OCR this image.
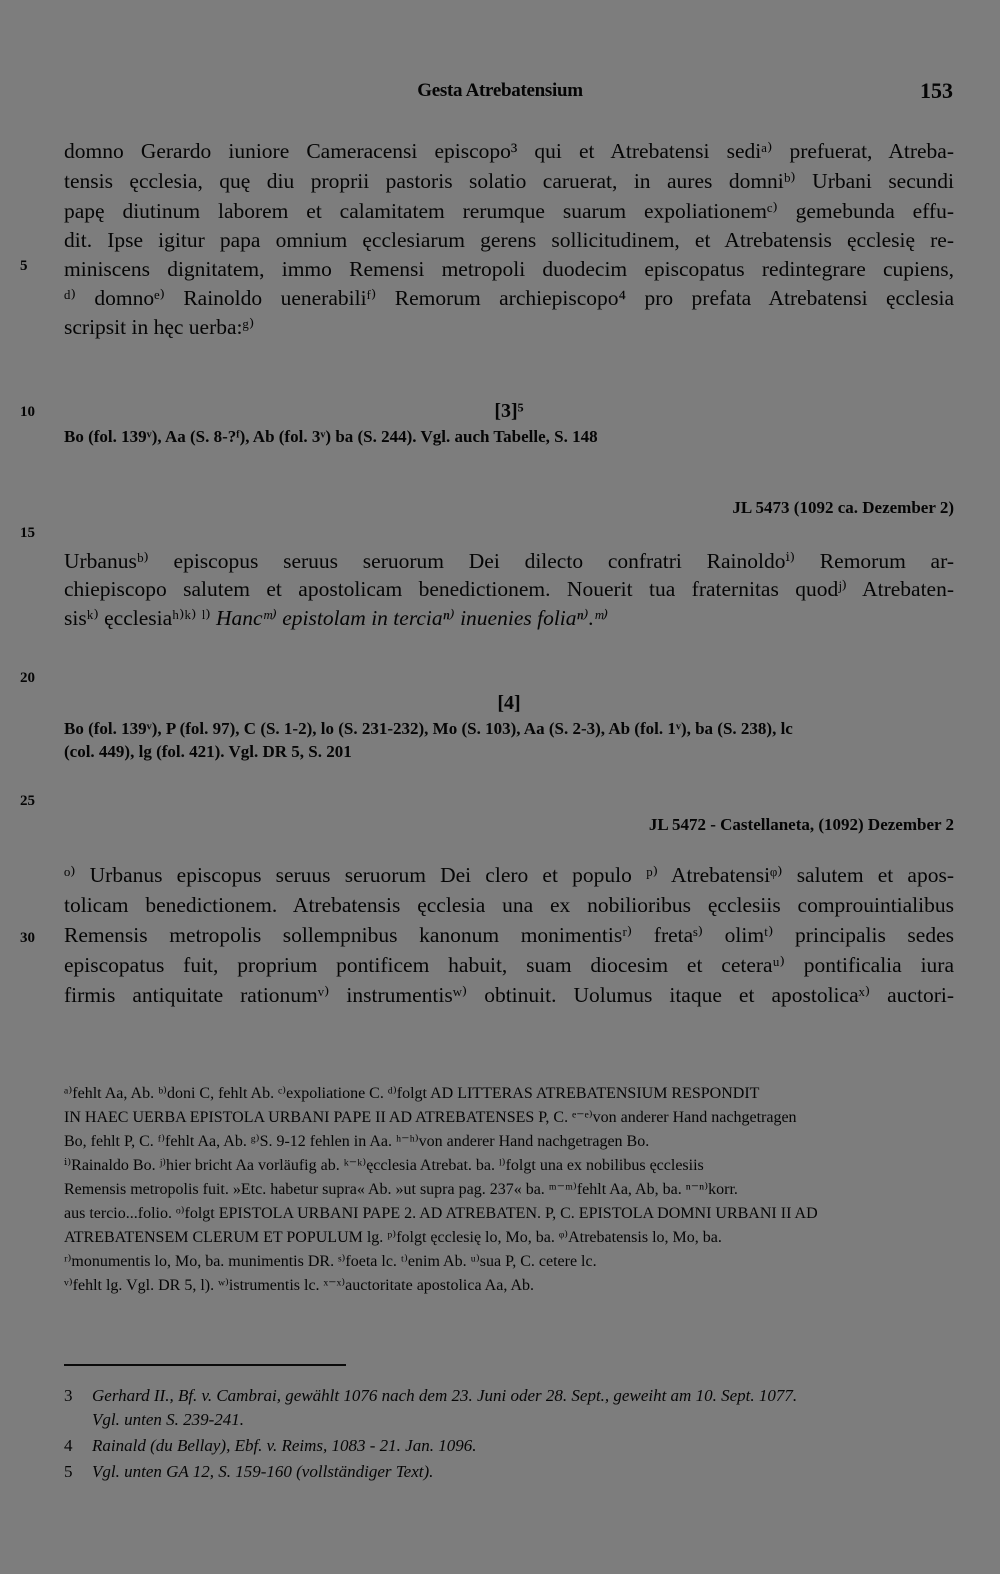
Gesta Atrebatensium	153
5
10
15
20
25
30
domno Gerardo iuniore Cameracensi episcopo³ qui et Atrebatensi sediᵃ⁾ prefuerat, Atreba-
tensis ęcclesia, quę diu proprii pastoris solatio caruerat, in aures domniᵇ⁾ Urbani secundi
papę diutinum laborem et calamitatem rerumque suarum expoliationemᶜ⁾ gemebunda effu-
dit. Ipse igitur papa omnium ęcclesiarum gerens sollicitudinem, et Atrebatensis ęcclesię re-
miniscens dignitatem, immo Remensi metropoli duodecim episcopatus redintegrare cupiens,
ᵈ⁾ domnoᵉ⁾ Rainoldo uenerabiliᶠ⁾ Remorum archiepiscopo⁴ pro prefata Atrebatensi ęcclesia
scripsit in hęc uerba:ᵍ⁾
[3]⁵
Bo (fol. 139ᵛ), Aa (S. 8-?ᶠ), Ab (fol. 3ᵛ) ba (S. 244). Vgl. auch Tabelle, S. 148
JL 5473 (1092 ca. Dezember 2)
Urbanusᵇ⁾ episcopus seruus seruorum Dei dilecto confratri Rainoldoⁱ⁾ Remorum ar-
chiepiscopo salutem et apostolicam benedictionem. Nouerit tua fraternitas quodʲ⁾ Atrebaten-
sisᵏ⁾ ęcclesiaʰ⁾ᵏ⁾ ˡ⁾ Hancᵐ⁾ epistolam in terciaⁿ⁾ inuenies foliaⁿ⁾.ᵐ⁾
[4]
Bo (fol. 139ᵛ), P (fol. 97), C (S. 1-2), lo (S. 231-232), Mo (S. 103), Aa (S. 2-3), Ab (fol. 1ᵛ), ba (S. 238), lc
(col. 449), lg (fol. 421). Vgl. DR 5, S. 201
JL 5472 - Castellaneta, (1092) Dezember 2
ᵒ⁾ Urbanus episcopus seruus seruorum Dei clero et populo ᵖ⁾ Atrebatensiᵠ⁾ salutem et apos-
tolicam benedictionem. Atrebatensis ęcclesia una ex nobilioribus ęcclesiis comprouintialibus
Remensis metropolis sollempnibus kanonum monimentisʳ⁾ fretaˢ⁾ olimᵗ⁾ principalis sedes
episcopatus fuit, proprium pontificem habuit, suam diocesim et ceteraᵘ⁾ pontificalia iura
firmis antiquitate rationumᵛ⁾ instrumentisʷ⁾ obtinuit. Uolumus itaque et apostolicaˣ⁾ auctori-
ᵃ⁾fehlt Aa, Ab. ᵇ⁾doni C, fehlt Ab. ᶜ⁾expoliatione C. ᵈ⁾folgt AD LITTERAS ATREBATENSIUM RESPONDIT
IN HAEC UERBA EPISTOLA URBANI PAPE II AD ATREBATENSES P, C. ᵉ⁻ᵉ⁾von anderer Hand nachgetragen
Bo, fehlt P, C. ᶠ⁾fehlt Aa, Ab. ᵍ⁾S. 9-12 fehlen in Aa. ʰ⁻ʰ⁾von anderer Hand nachgetragen Bo.
ⁱ⁾Rainaldo Bo. ʲ⁾hier bricht Aa vorläufig ab. ᵏ⁻ᵏ⁾ęcclesia Atrebat. ba. ˡ⁾folgt una ex nobilibus ęcclesiis
Remensis metropolis fuit. »Etc. habetur supra« Ab. »ut supra pag. 237« ba. ᵐ⁻ᵐ⁾fehlt Aa, Ab, ba. ⁿ⁻ⁿ⁾korr.
aus tercio...folio. ᵒ⁾folgt EPISTOLA URBANI PAPE 2. AD ATREBATEN. P, C. EPISTOLA DOMNI URBANI II AD
ATREBATENSEM CLERUM ET POPULUM lg. ᵖ⁾folgt ęcclesię lo, Mo, ba. ᵠ⁾Atrebatensis lo, Mo, ba.
ʳ⁾monumentis lo, Mo, ba. munimentis DR. ˢ⁾foeta lc. ᵗ⁾enim Ab. ᵘ⁾sua P, C. cetere lc.
ᵛ⁾fehlt lg. Vgl. DR 5, l). ʷ⁾istrumentis lc. ˣ⁻ˣ⁾auctoritate apostolica Aa, Ab.
3 Gerhard II., Bf. v. Cambrai, gewählt 1076 nach dem 23. Juni oder 28. Sept., geweiht am 10. Sept. 1077.
Vgl. unten S. 239-241.
4 Rainald (du Bellay), Ebf. v. Reims, 1083 - 21. Jan. 1096.
5 Vgl. unten GA 12, S. 159-160 (vollständiger Text).
